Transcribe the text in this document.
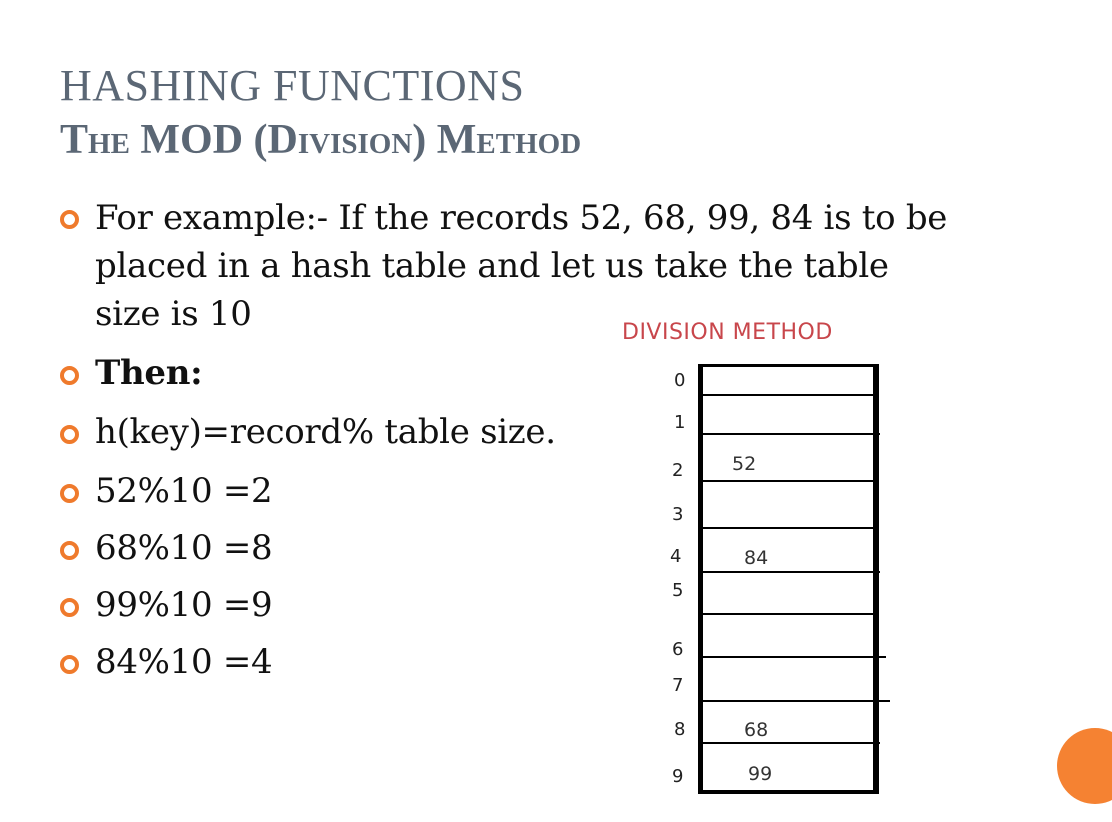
HASHING FUNCTIONS
The MOD (Division) Method
For example:- If the records 52, 68, 99, 84 is to be
placed in a hash table and let us take the table
size is 10
Then:
h(key)=record% table size.
52%10 =2
68%10 =8
99%10 =9
84%10 =4
DIVISION METHOD
0
1
2
3
4
5
6
7
8
9
52
84
68
99
